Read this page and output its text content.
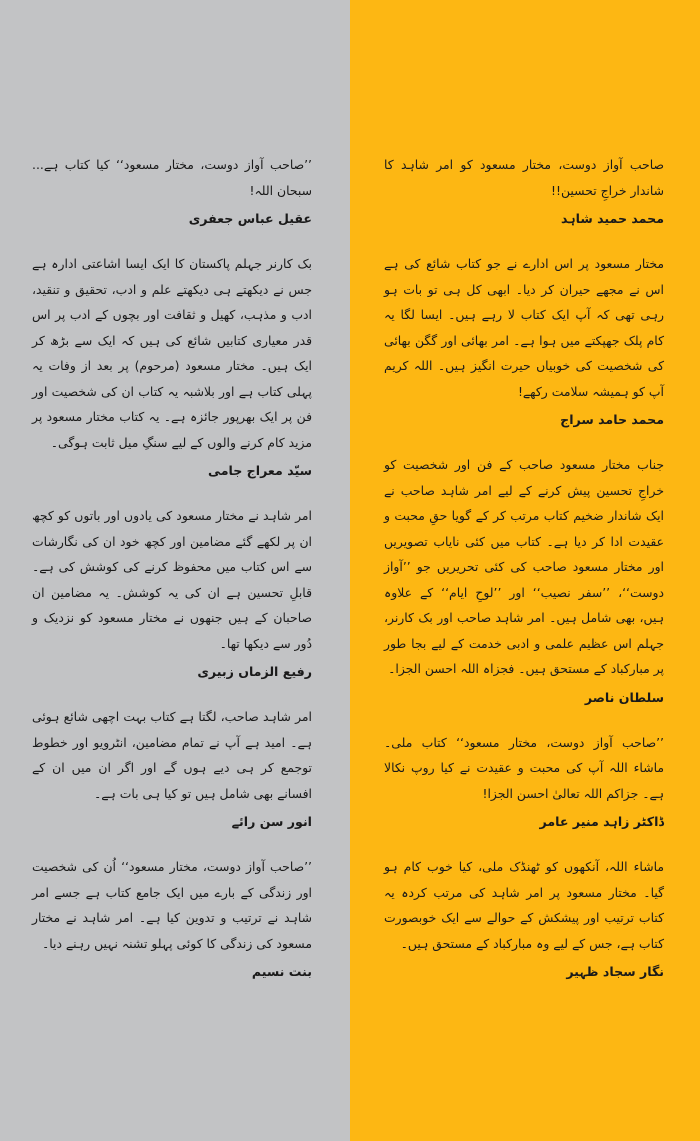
’’صاحب آواز دوست، مختار مسعود‘‘ کیا کتاب ہے... سبحان اللہ!

عقیل عباس جعفری

بک کارنر جہلم پاکستان کا ایک ایسا اشاعتی ادارہ ہے جس نے دیکھتے ہی دیکھتے علم و ادب، تحقیق و تنقید، ادب و مذہب، کھیل و ثقافت اور بچوں کے ادب پر اس قدر معیاری کتابیں شائع کی ہیں کہ ایک سے بڑھ کر ایک ہیں۔ مختار مسعود (مرحوم) پر بعد از وفات یہ پہلی کتاب ہے اور بلاشبہ یہ کتاب ان کی شخصیت اور فن پر ایک بھرپور جائزہ ہے۔ یہ کتاب مختار مسعود پر مزید کام کرنے والوں کے لیے سنگِ میل ثابت ہوگی۔

سیّد معراج جامی

امر شاہد نے مختار مسعود کی یادوں اور باتوں کو کچھ ان پر لکھے گئے مضامین اور کچھ خود ان کی نگارشات سے اس کتاب میں محفوظ کرنے کی کوشش کی ہے۔ قابلِ تحسین ہے ان کی یہ کوشش۔ یہ مضامین ان صاحبان کے ہیں جنھوں نے مختار مسعود کو نزدیک و دُور سے دیکھا تھا۔

رفیع الزماں زبیری

امر شاہد صاحب، لگتا ہے کتاب بہت اچھی شائع ہوئی ہے۔ امید ہے آپ نے تمام مضامین، انٹرویو اور خطوط توجمع کر ہی دیے ہوں گے اور اگر ان میں ان کے افسانے بھی شامل ہیں تو کیا ہی بات ہے۔

انور سن رائے

’’صاحب آواز دوست، مختار مسعود‘‘ اُن کی شخصیت اور زندگی کے بارے میں ایک جامع کتاب ہے جسے امر شاہد نے ترتیب و تدوین کیا ہے۔ امر شاہد نے مختار مسعود کی زندگی کا کوئی پہلو تشنہ نہیں رہنے دیا۔

بنت نسیم

صاحب آواز دوست، مختار مسعود کو امر شاہد کا شاندار خراجِ تحسین!!

محمد حمید شاہد

مختار مسعود پر اس ادارے نے جو کتاب شائع کی ہے اس نے مجھے حیران کر دیا۔ ابھی کل ہی تو بات ہو رہی تھی کہ آپ ایک کتاب لا رہے ہیں۔ ایسا لگا یہ کام پلک جھپکتے میں ہوا ہے۔ امر بھائی اور گگن بھائی کی شخصیت کی خوبیاں حیرت انگیز ہیں۔ اللہ کریم آپ کو ہمیشہ سلامت رکھے!

محمد حامد سراج

جناب مختار مسعود صاحب کے فن اور شخصیت کو خراجِ تحسین پیش کرنے کے لیے امر شاہد صاحب نے ایک شاندار ضخیم کتاب مرتب کر کے گویا حقِ محبت و عقیدت ادا کر دیا ہے۔ کتاب میں کئی نایاب تصویریں اور مختار مسعود صاحب کی کئی تحریریں جو ’’آواز دوست‘‘، ’’سفر نصیب‘‘ اور ’’لوحِ ایام‘‘ کے علاوہ ہیں، بھی شامل ہیں۔ امر شاہد صاحب اور بک کارنر، جہلم اس عظیم علمی و ادبی خدمت کے لیے بجا طور پر مبارکباد کے مستحق ہیں۔ فجزاہ اللہ احسن الجزا۔

سلطان ناصر

’’صاحب آواز دوست، مختار مسعود‘‘ کتاب ملی۔ ماشاء اللہ آپ کی محبت و عقیدت نے کیا روپ نکالا ہے۔ جزاکم اللہ تعالیٰ احسن الجزا!

ڈاکٹر زاہد منیر عامر

ماشاء اللہ، آنکھوں کو ٹھنڈک ملی، کیا خوب کام ہو گیا۔ مختار مسعود پر امر شاہد کی مرتب کردہ یہ کتاب ترتیب اور پیشکش کے حوالے سے ایک خوبصورت کتاب ہے، جس کے لیے وہ مبارکباد کے مستحق ہیں۔

نگار سجاد ظہیر
